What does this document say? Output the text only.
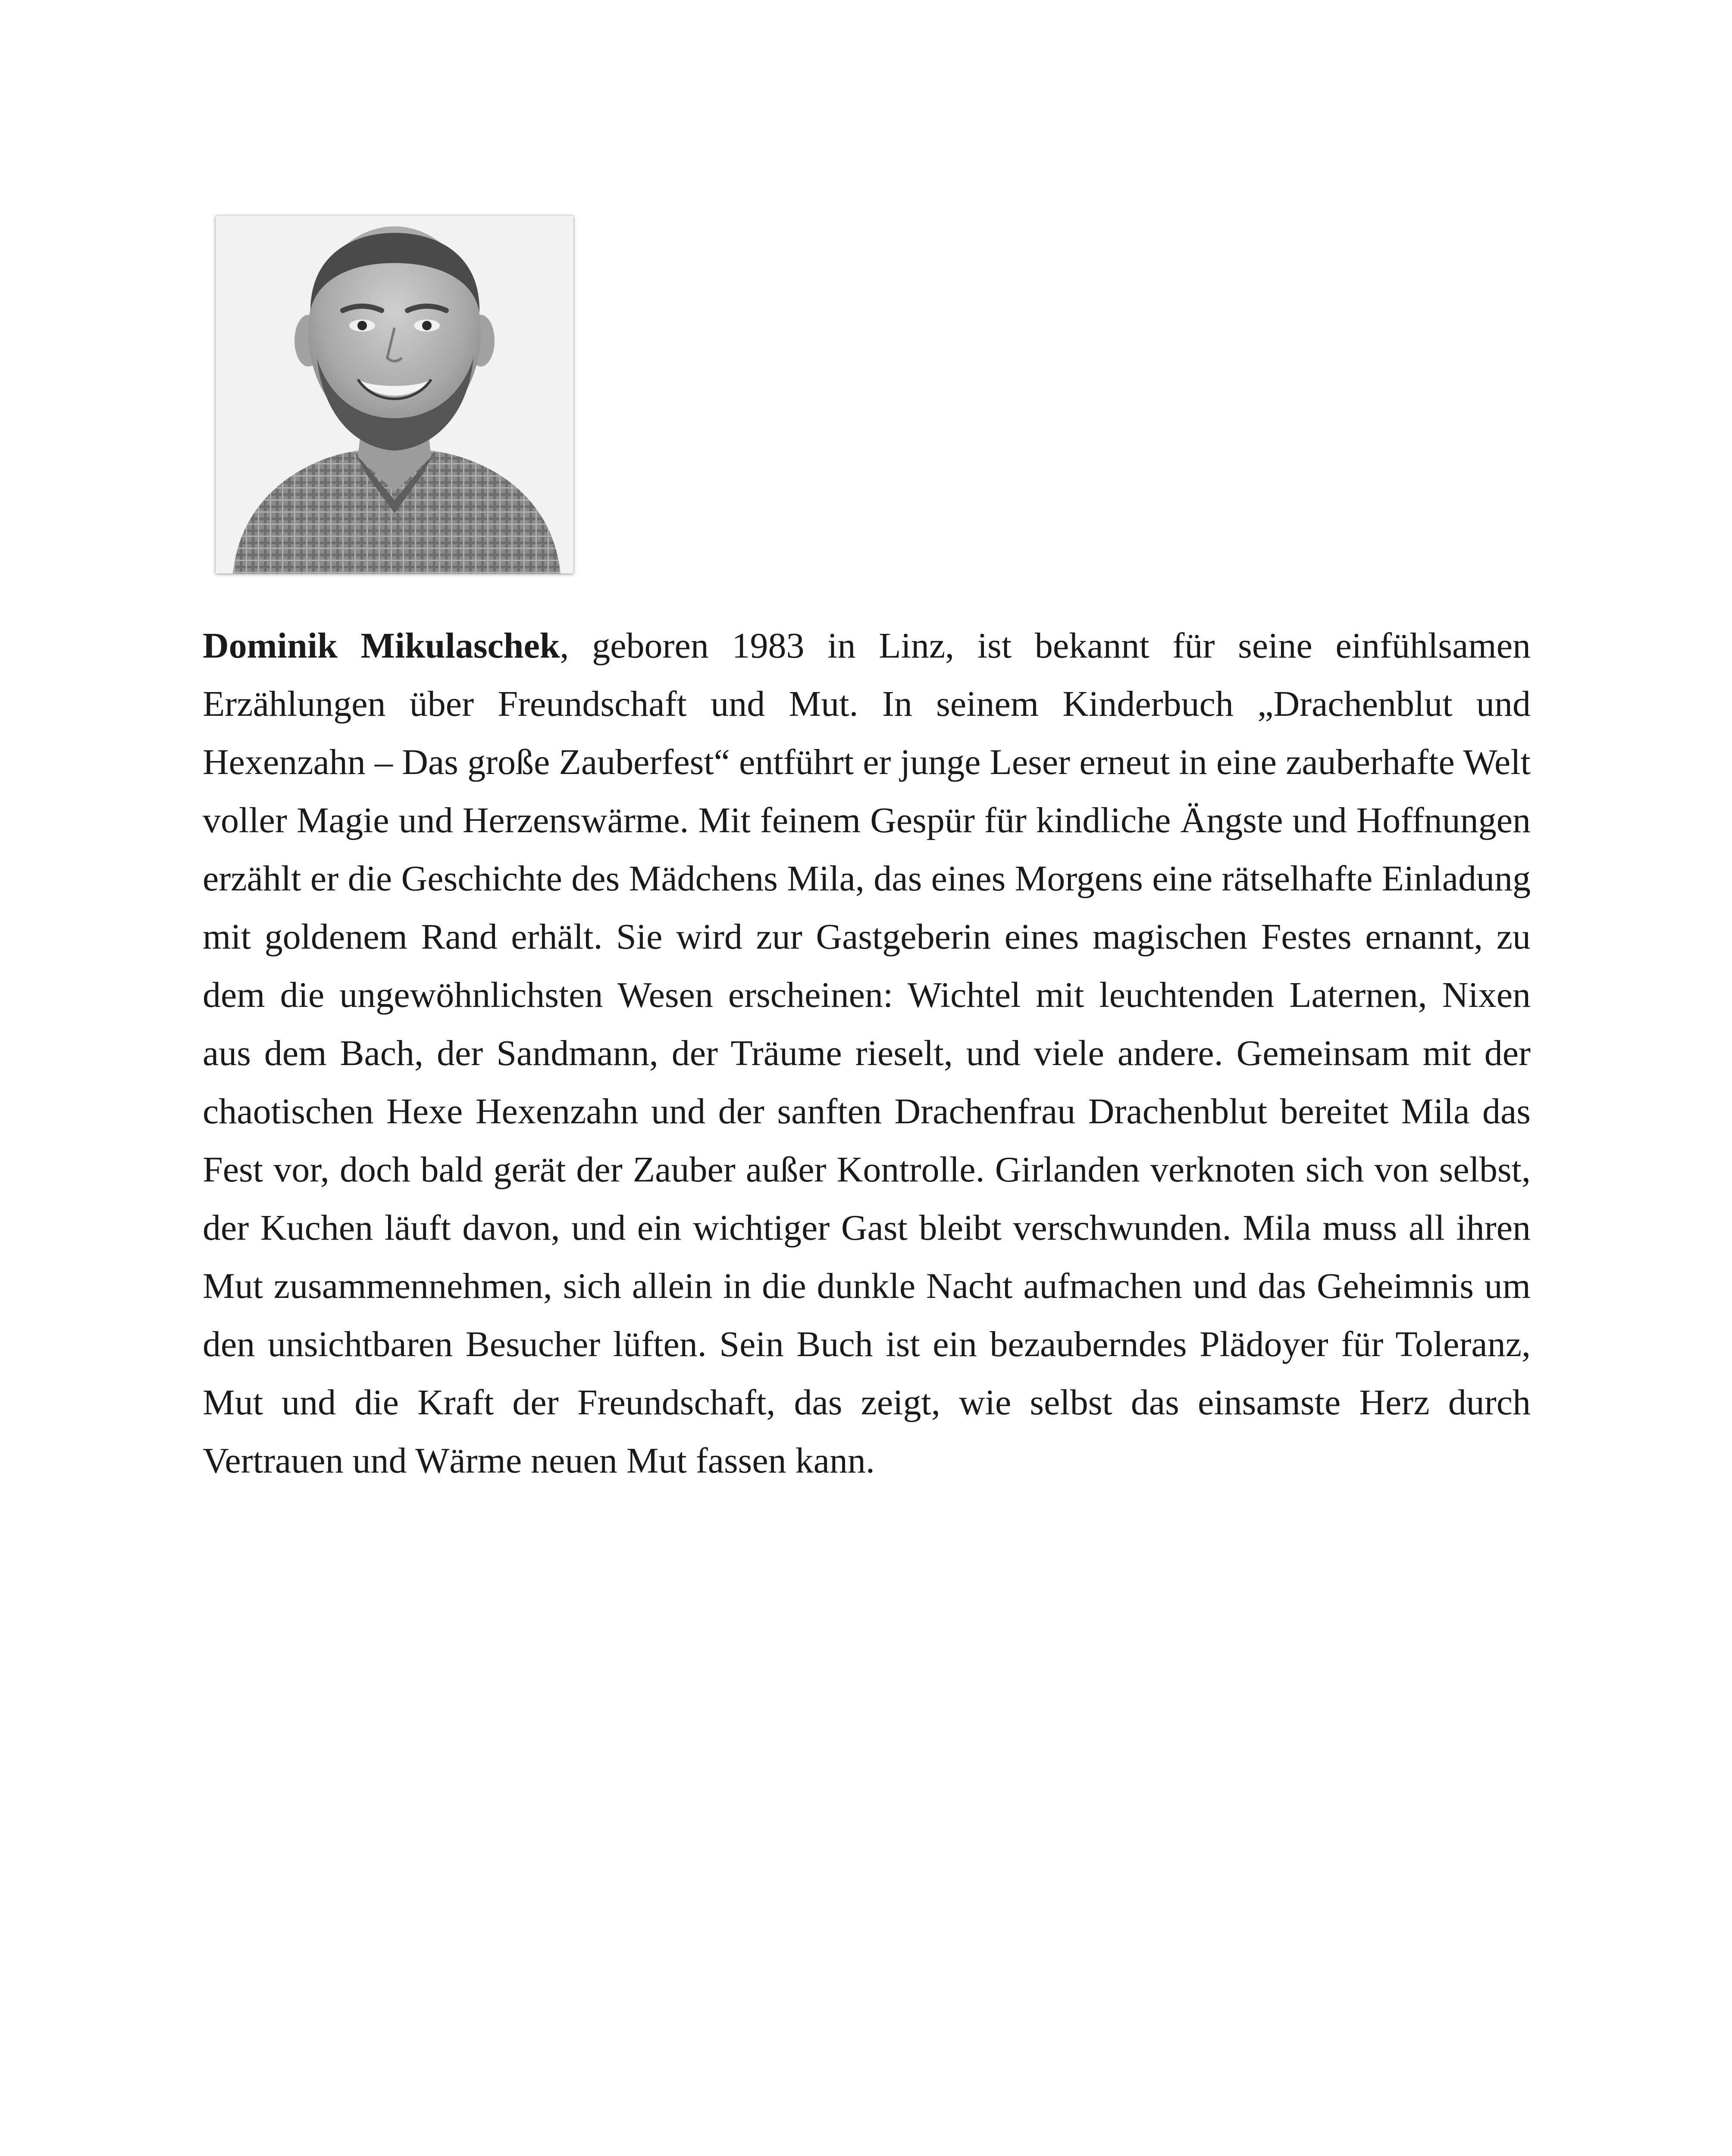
Dominik Mikulaschek, geboren 1983 in Linz, ist bekannt für seine einfühlsamen Erzählungen über Freundschaft und Mut. In seinem Kinderbuch „Drachenblut und Hexenzahn – Das große Zauberfest“ entführt er junge Leser erneut in eine zauberhafte Welt voller Magie und Herzenswärme. Mit feinem Gespür für kindliche Ängste und Hoffnungen erzählt er die Geschichte des Mädchens Mila, das eines Morgens eine rätselhafte Einladung mit goldenem Rand erhält. Sie wird zur Gastgeberin eines magischen Festes ernannt, zu dem die ungewöhnlichsten Wesen erscheinen: Wichtel mit leuchtenden Laternen, Nixen aus dem Bach, der Sandmann, der Träume rieselt, und viele andere. Gemeinsam mit der chaotischen Hexe Hexenzahn und der sanften Drachenfrau Drachenblut bereitet Mila das Fest vor, doch bald gerät der Zauber außer Kontrolle. Girlanden verknoten sich von selbst, der Kuchen läuft davon, und ein wichtiger Gast bleibt verschwunden. Mila muss all ihren Mut zusammennehmen, sich allein in die dunkle Nacht aufmachen und das Geheimnis um den unsichtbaren Besucher lüften. Sein Buch ist ein bezauberndes Plädoyer für Toleranz, Mut und die Kraft der Freundschaft, das zeigt, wie selbst das einsamste Herz durch Vertrauen und Wärme neuen Mut fassen kann.
